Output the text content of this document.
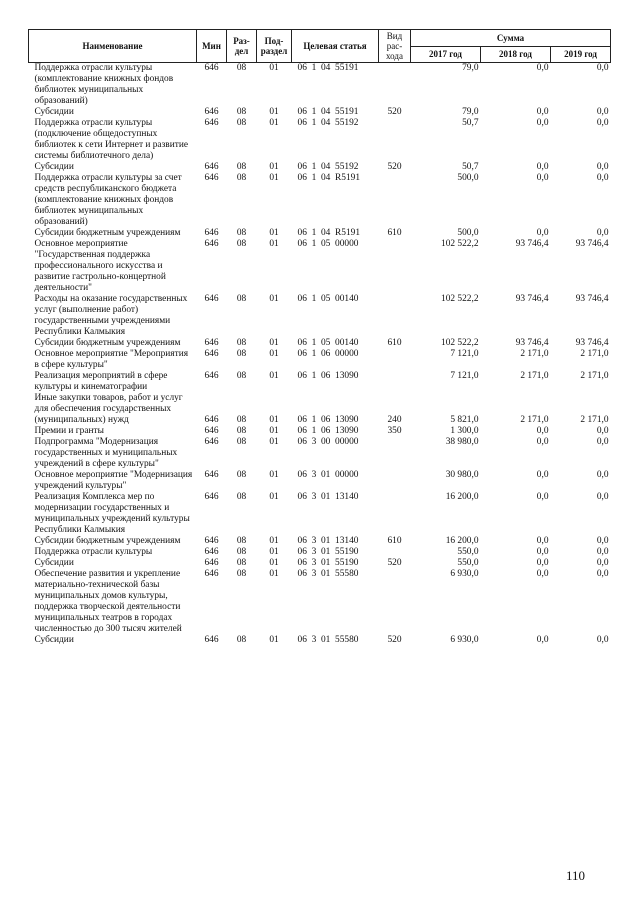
Наименование	Мин	Раз-дел	Под-раздел	Целевая статья	Вид рас-хода	Сумма		
						2017 год	2018 год	2019 год
Поддержка отрасли культуры (комплектование книжных фондов библиотек муниципальных образований)	646	08	01	06  1  04  55191		79,0	0,0	0,0
Субсидии	646	08	01	06  1  04  55191	520	79,0	0,0	0,0
Поддержка отрасли культуры (подключение общедоступных библиотек к сети Интернет и развитие системы библиотечного дела)	646	08	01	06  1  04  55192		50,7	0,0	0,0
Субсидии	646	08	01	06  1  04  55192	520	50,7	0,0	0,0
Поддержка отрасли культуры за счет средств республиканского бюджета (комплектование книжных фондов библиотек муниципальных образований)	646	08	01	06  1  04  R5191		500,0	0,0	0,0
Субсидии бюджетным учреждениям	646	08	01	06  1  04  R5191	610	500,0	0,0	0,0
Основное мероприятие "Государственная поддержка профессионального искусства и развитие гастрольно-концертной деятельности"	646	08	01	06  1  05  00000		102 522,2	93 746,4	93 746,4
Расходы на оказание государственных услуг (выполнение работ) государственными учреждениями Республики Калмыкия	646	08	01	06  1  05  00140		102 522,2	93 746,4	93 746,4
Субсидии бюджетным учреждениям	646	08	01	06  1  05  00140	610	102 522,2	93 746,4	93 746,4
Основное мероприятие "Мероприятия в сфере культуры"	646	08	01	06  1  06  00000		7 121,0	2 171,0	2 171,0
Реализация мероприятий в сфере культуры и кинематографии	646	08	01	06  1  06  13090		7 121,0	2 171,0	2 171,0
Иные закупки товаров, работ и услуг для обеспечения государственных (муниципальных) нужд	646	08	01	06  1  06  13090	240	5 821,0	2 171,0	2 171,0
Премии и гранты	646	08	01	06  1  06  13090	350	1 300,0	0,0	0,0
Подпрограмма "Модернизация государственных и муниципальных учреждений в сфере культуры"	646	08	01	06  3  00  00000		38 980,0	0,0	0,0
Основное мероприятие "Модернизация учреждений культуры"	646	08	01	06  3  01  00000		30 980,0	0,0	0,0
Реализация Комплекса мер по модернизации государственных и муниципальных учреждений культуры Республики Калмыкия	646	08	01	06  3  01  13140		16 200,0	0,0	0,0
Субсидии бюджетным учреждениям	646	08	01	06  3  01  13140	610	16 200,0	0,0	0,0
Поддержка отрасли культуры	646	08	01	06  3  01  55190		550,0	0,0	0,0
Субсидии	646	08	01	06  3  01  55190	520	550,0	0,0	0,0
Обеспечение развития и укрепление материально-технической базы муниципальных домов культуры, поддержка творческой деятельности муниципальных театров в городах численностью до 300 тысяч жителей	646	08	01	06  3  01  55580		6 930,0	0,0	0,0
Субсидии	646	08	01	06  3  01  55580	520	6 930,0	0,0	0,0
110
